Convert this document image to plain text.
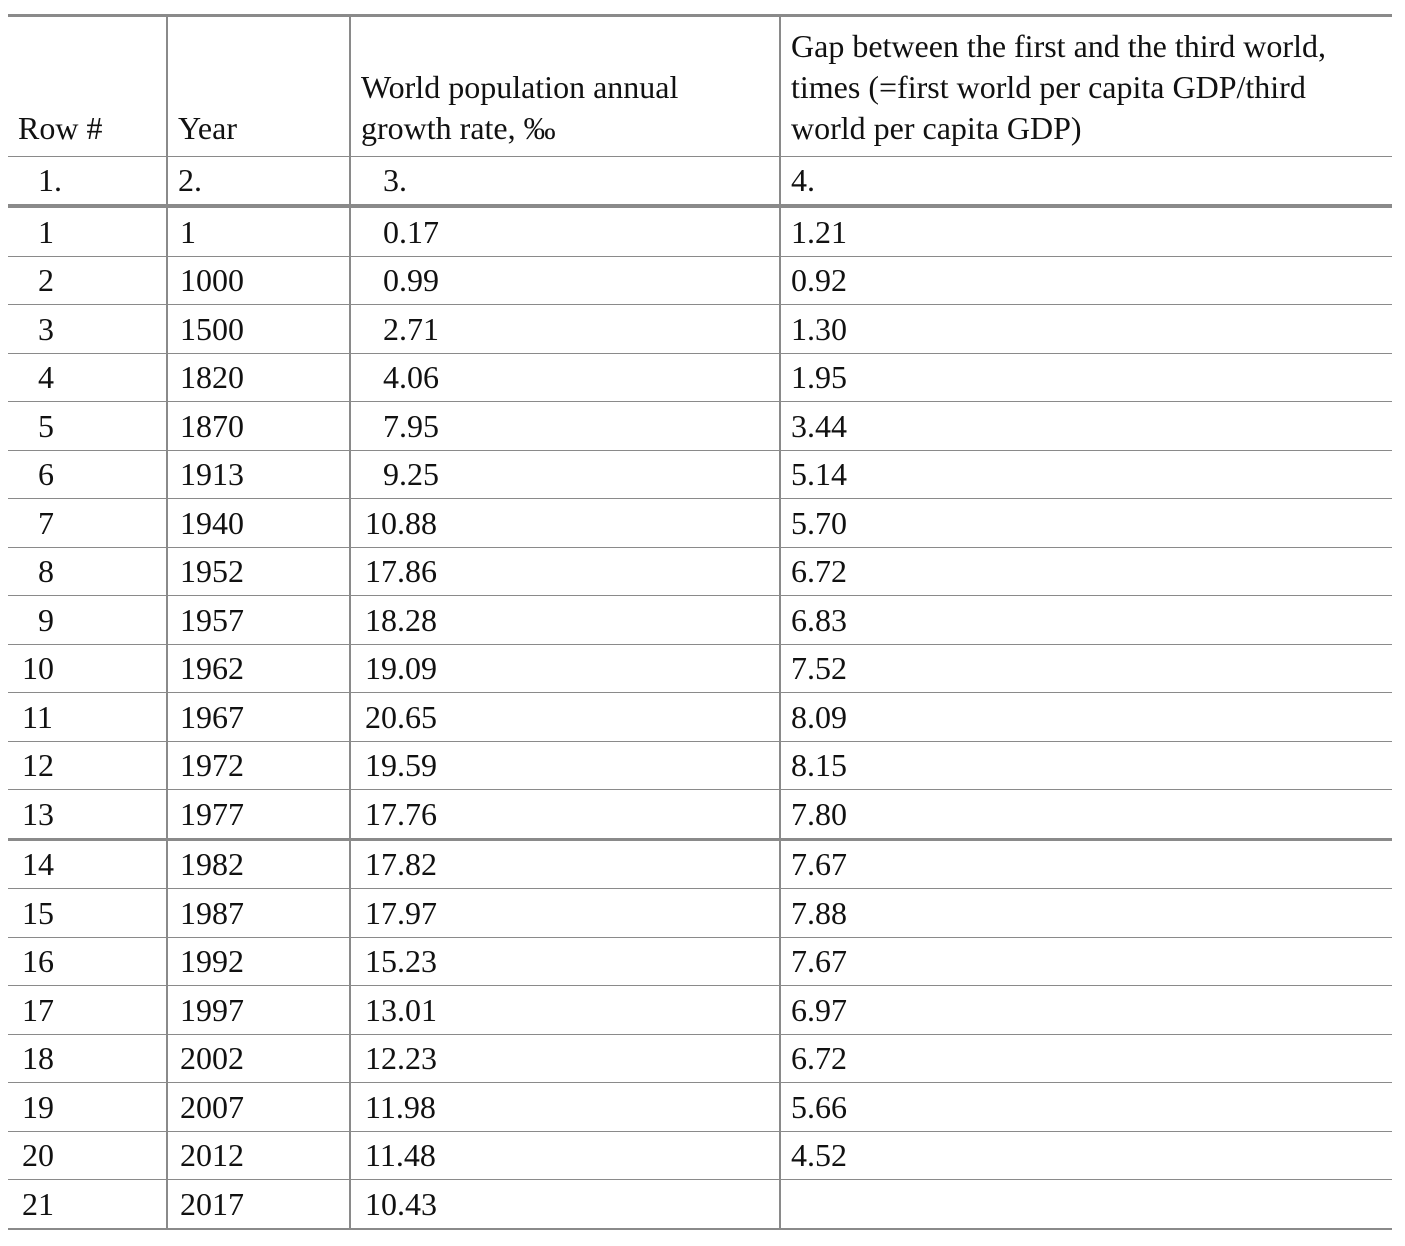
Row #	Year	World population annual growth rate, ‰	Gap between the first and the third world, times (=first world per capita GDP/third world per capita GDP)
1.	2.	3.	4.
1	1	0.17	1.21
2	1000	0.99	0.92
3	1500	2.71	1.30
4	1820	4.06	1.95
5	1870	7.95	3.44
6	1913	9.25	5.14
7	1940	10.88	5.70
8	1952	17.86	6.72
9	1957	18.28	6.83
10	1962	19.09	7.52
11	1967	20.65	8.09
12	1972	19.59	8.15
13	1977	17.76	7.80
14	1982	17.82	7.67
15	1987	17.97	7.88
16	1992	15.23	7.67
17	1997	13.01	6.97
18	2002	12.23	6.72
19	2007	11.98	5.66
20	2012	11.48	4.52
21	2017	10.43	
